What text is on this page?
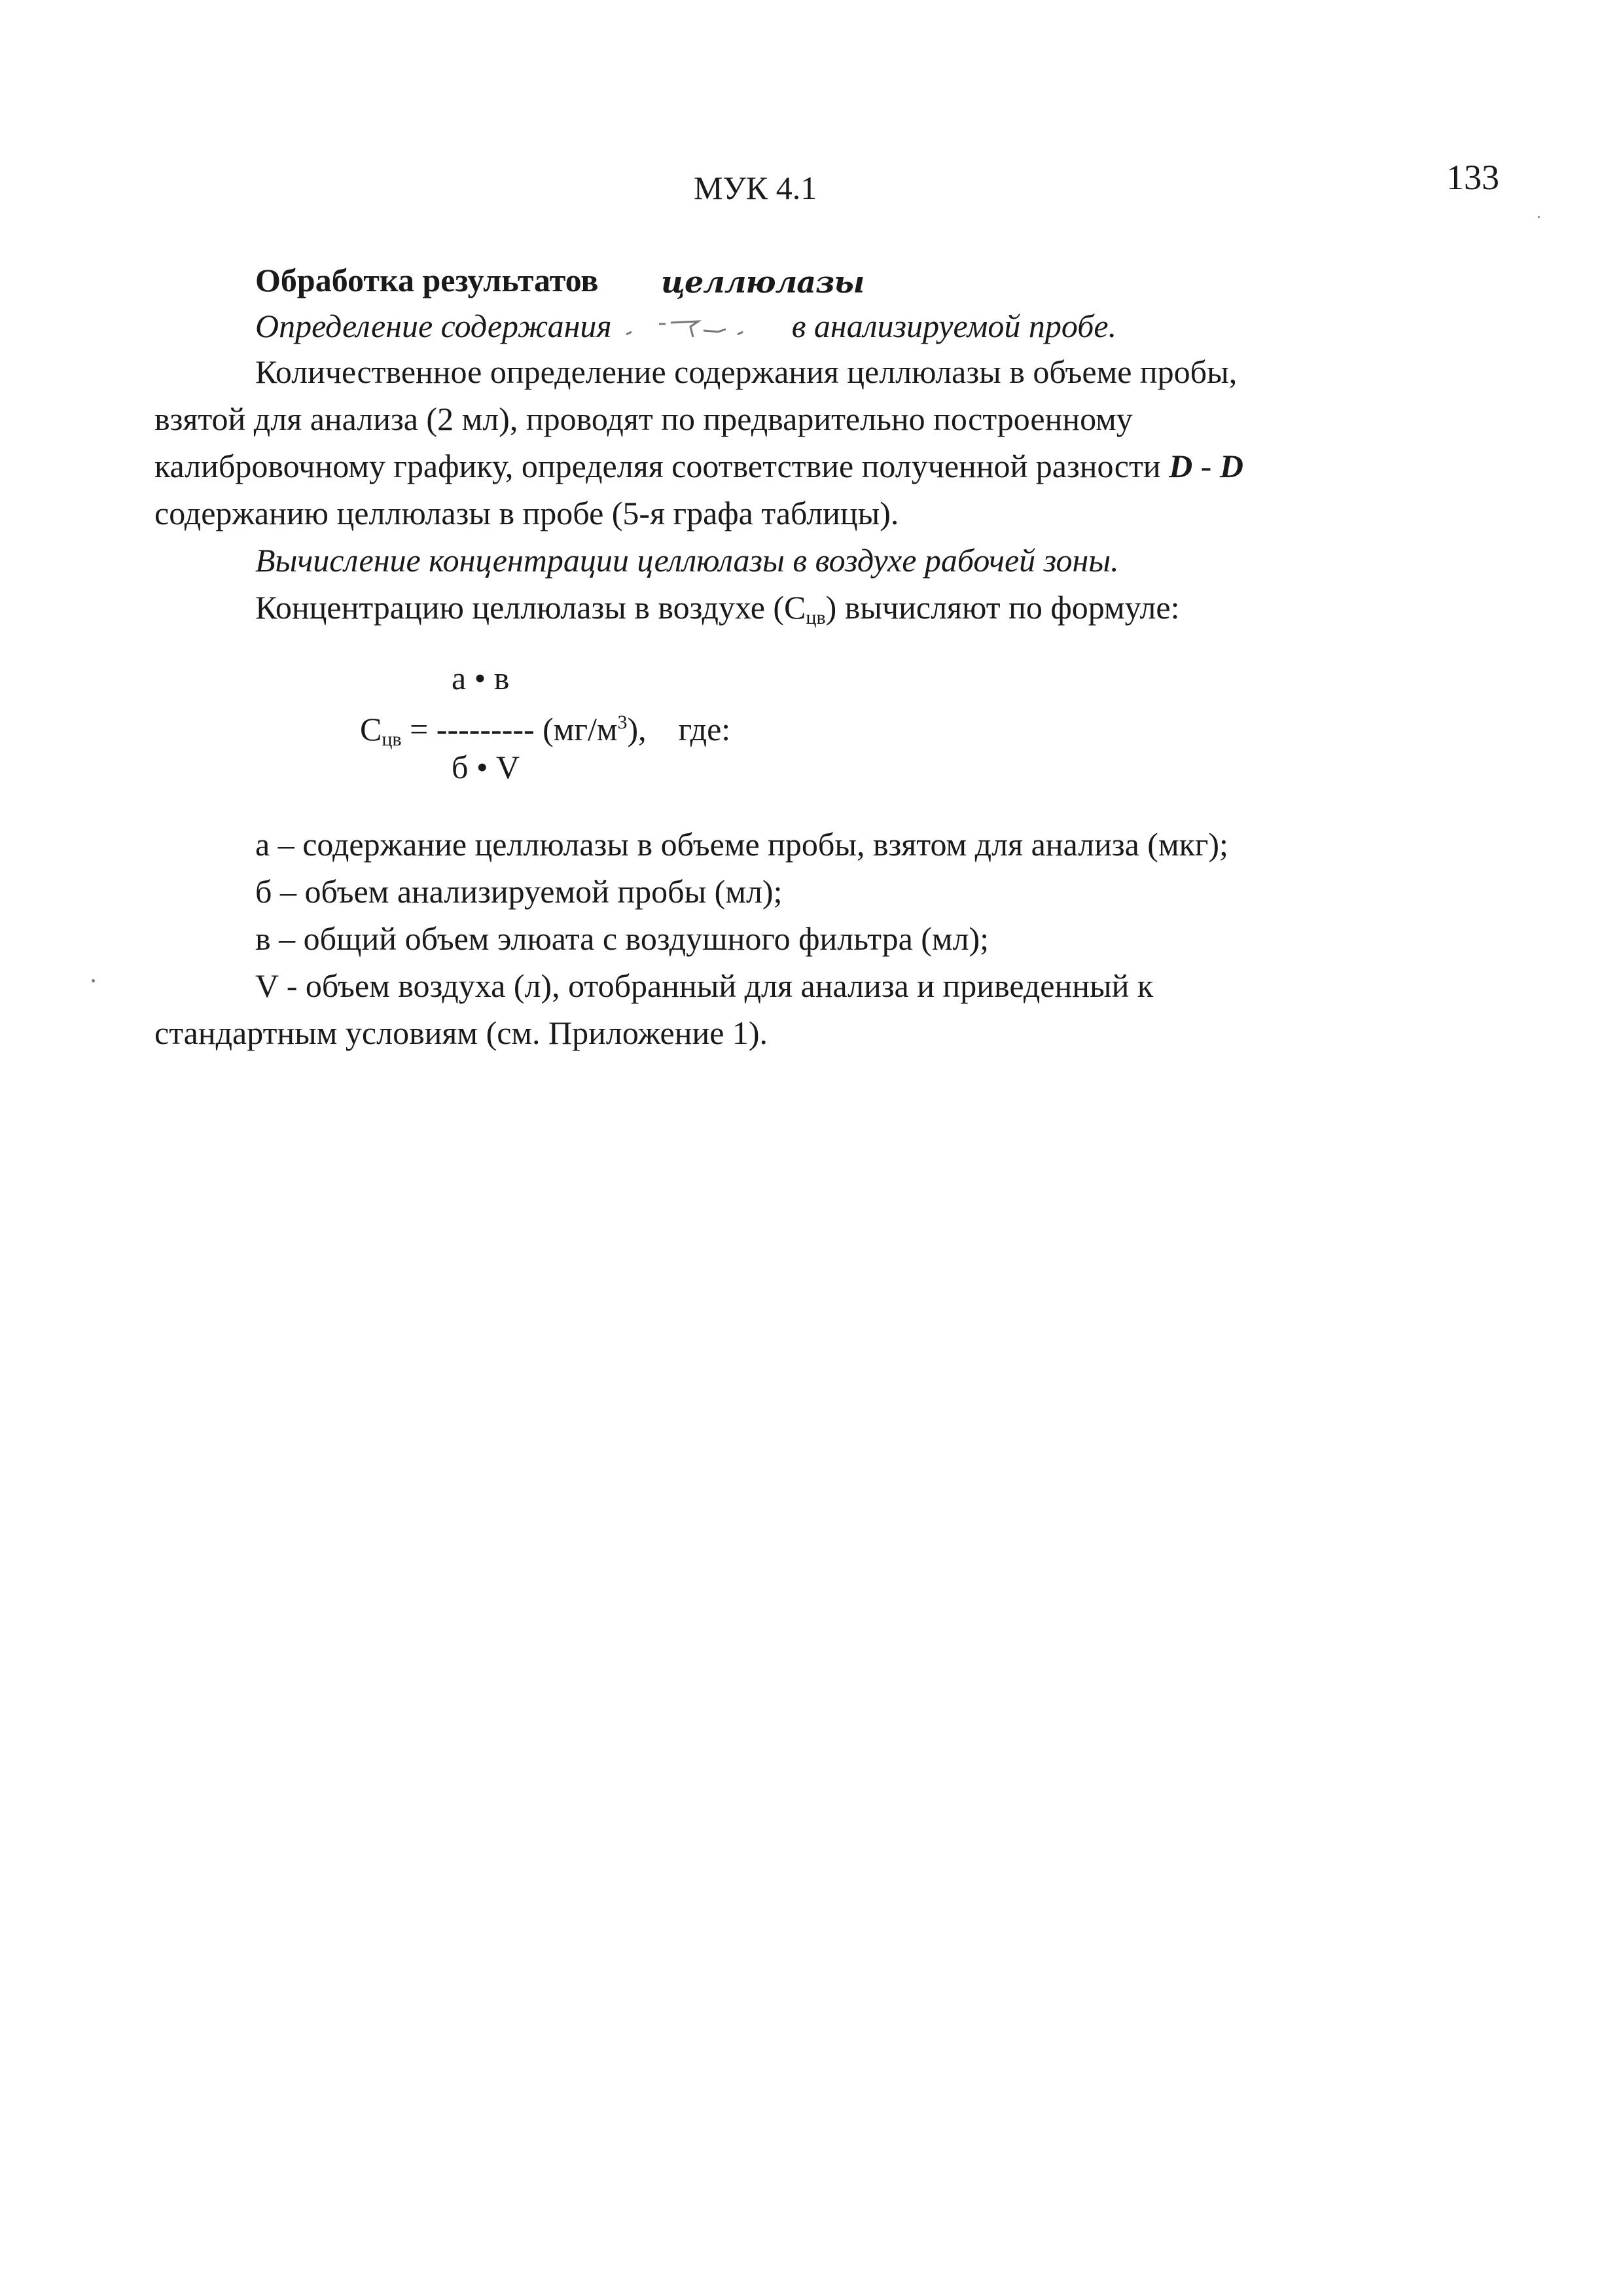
МУК 4.1	133
Обработка результатов целлюлазы
Определение содержания	в анализируемой пробе.
Количественное определение содержания целлюлазы в объеме пробы,
взятой для анализа (2 мл), проводят по предварительно построенному
калибровочному графику, определяя соответствие полученной разности D - D
содержанию целлюлазы в пробе (5-я графа таблицы).
Вычисление концентрации целлюлазы в воздухе рабочей зоны.
Концентрацию целлюлазы в воздухе $(С_{цв})$ вычисляют по формуле:
а • в
$С_{цв}$ = --------- $(мг/м^3)$, где:
б • V
а – содержание целлюлазы в объеме пробы, взятом для анализа (мкг);
б – объем анализируемой пробы (мл);
в – общий объем элюата с воздушного фильтра (мл);
V - объем воздуха (л), отобранный для анализа и приведенный к
стандартным условиям (см. Приложение 1).
